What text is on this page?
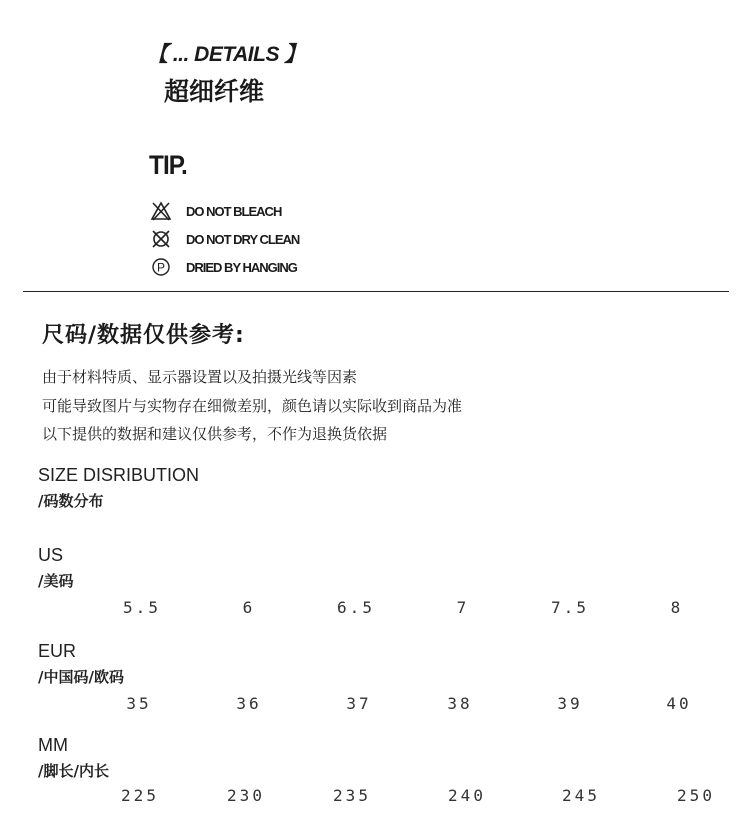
【 ... DETAILS 】
超细纤维
TIP.
DO NOT BLEACH
DO NOT DRY CLEAN
P DRIED BY HANGING
尺码/数据仅供参考:
由于材料特质、显示器设置以及拍摄光线等因素
可能导致图片与实物存在细微差别，颜色请以实际收到商品为准
以下提供的数据和建议仅供参考，不作为退换货依据
SIZE DISRIBUTION
/码数分布
US
/美码
5.5	6	6.5	7	7.5	8
EUR
/中国码/欧码
35	36	37	38	39	40
MM
/脚长/内长
225	230	235	240	245	250
